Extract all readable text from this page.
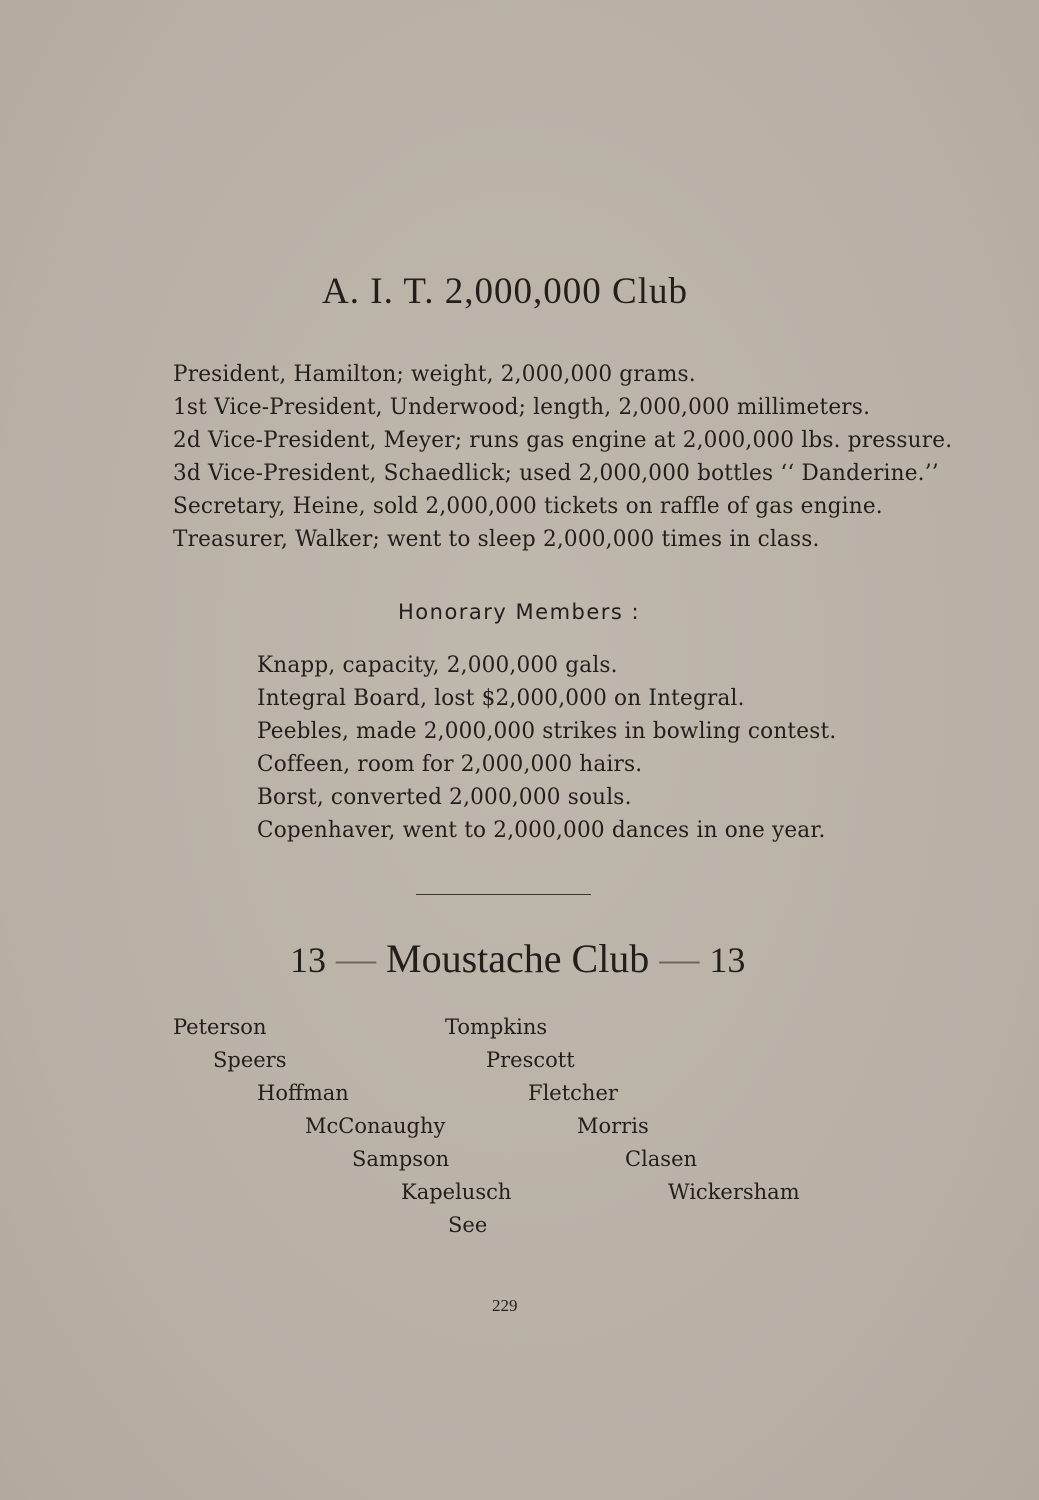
A. I. T. 2,000,000 Club
President, Hamilton; weight, 2,000,000 grams.
1st Vice-President, Underwood; length, 2,000,000 millimeters.
2d Vice-President, Meyer; runs gas engine at 2,000,000 lbs. pressure.
3d Vice-President, Schaedlick; used 2,000,000 bottles ‘‘ Danderine.’’
Secretary, Heine, sold 2,000,000 tickets on raffle of gas engine.
Treasurer, Walker; went to sleep 2,000,000 times in class.
Honorary Members :
Knapp, capacity, 2,000,000 gals.
Integral Board, lost $2,000,000 on Integral.
Peebles, made 2,000,000 strikes in bowling contest.
Coffeen, room for 2,000,000 hairs.
Borst, converted 2,000,000 souls.
Copenhaver, went to 2,000,000 dances in one year.
13 — Moustache Club — 13
Peterson
Speers
Hoffman
McConaughy
Sampson
Kapelusch
See
Tompkins
Prescott
Fletcher
Morris
Clasen
Wickersham
229
